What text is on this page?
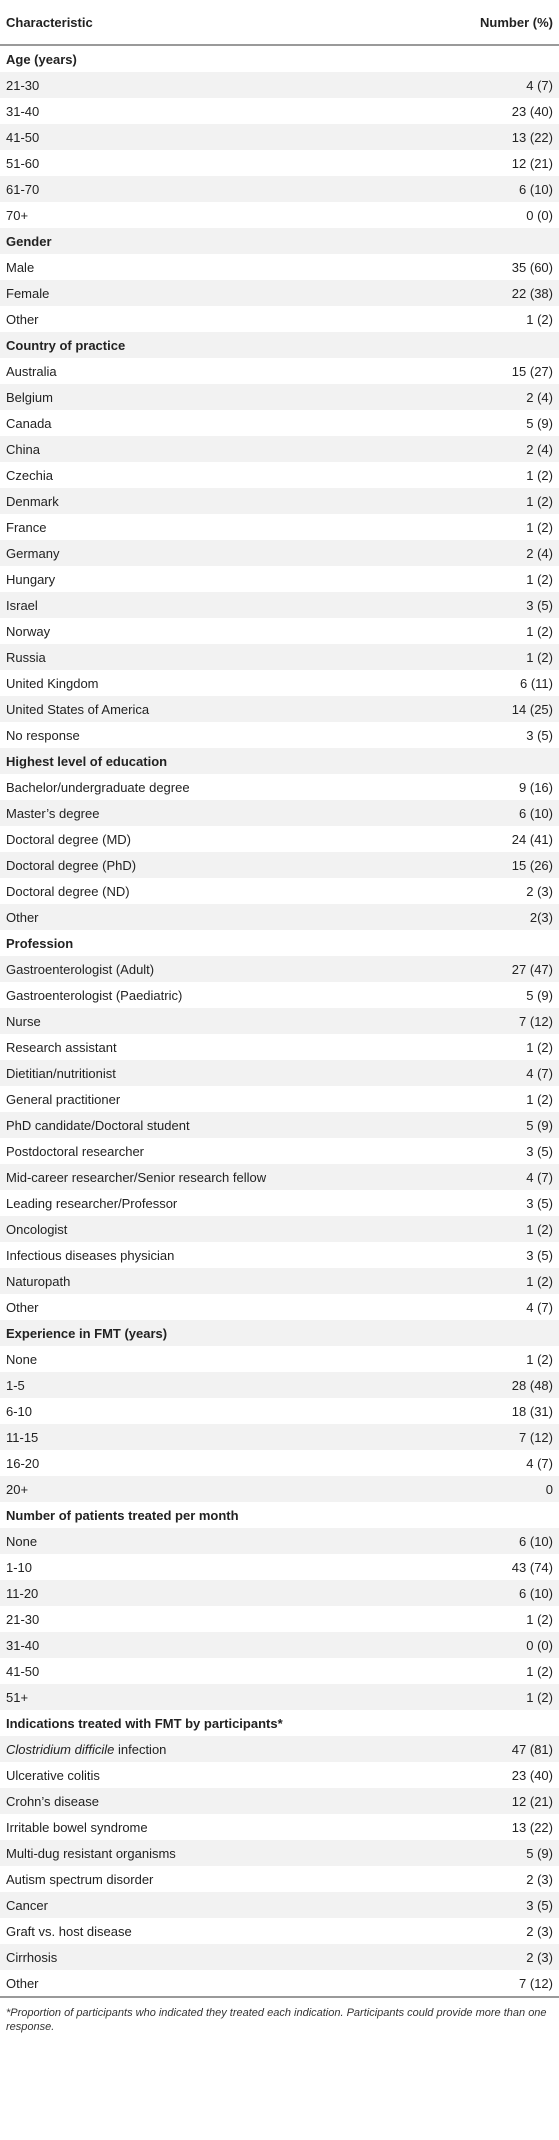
Characteristic	Number (%)
Age (years)	
21-30	4 (7)
31-40	23 (40)
41-50	13 (22)
51-60	12 (21)
61-70	6 (10)
70+	0 (0)
Gender	
Male	35 (60)
Female	22 (38)
Other	1 (2)
Country of practice	
Australia	15 (27)
Belgium	2 (4)
Canada	5 (9)
China	2 (4)
Czechia	1 (2)
Denmark	1 (2)
France	1 (2)
Germany	2 (4)
Hungary	1 (2)
Israel	3 (5)
Norway	1 (2)
Russia	1 (2)
United Kingdom	6 (11)
United States of America	14 (25)
No response	3 (5)
Highest level of education	
Bachelor/undergraduate degree	9 (16)
Master’s degree	6 (10)
Doctoral degree (MD)	24 (41)
Doctoral degree (PhD)	15 (26)
Doctoral degree (ND)	2 (3)
Other	2(3)
Profession	
Gastroenterologist (Adult)	27 (47)
Gastroenterologist (Paediatric)	5 (9)
Nurse	7 (12)
Research assistant	1 (2)
Dietitian/nutritionist	4 (7)
General practitioner	1 (2)
PhD candidate/Doctoral student	5 (9)
Postdoctoral researcher	3 (5)
Mid-career researcher/Senior research fellow	4 (7)
Leading researcher/Professor	3 (5)
Oncologist	1 (2)
Infectious diseases physician	3 (5)
Naturopath	1 (2)
Other	4 (7)
Experience in FMT (years)	
None	1 (2)
1-5	28 (48)
6-10	18 (31)
11-15	7 (12)
16-20	4 (7)
20+	0
Number of patients treated per month	
None	6 (10)
1-10	43 (74)
11-20	6 (10)
21-30	1 (2)
31-40	0 (0)
41-50	1 (2)
51+	1 (2)
Indications treated with FMT by participants*	
Clostridium difficile infection	47 (81)
Ulcerative colitis	23 (40)
Crohn’s disease	12 (21)
Irritable bowel syndrome	13 (22)
Multi-dug resistant organisms	5 (9)
Autism spectrum disorder	2 (3)
Cancer	3 (5)
Graft vs. host disease	2 (3)
Cirrhosis	2 (3)
Other	7 (12)
*Proportion of participants who indicated they treated each indication. Participants could provide more than one response.
